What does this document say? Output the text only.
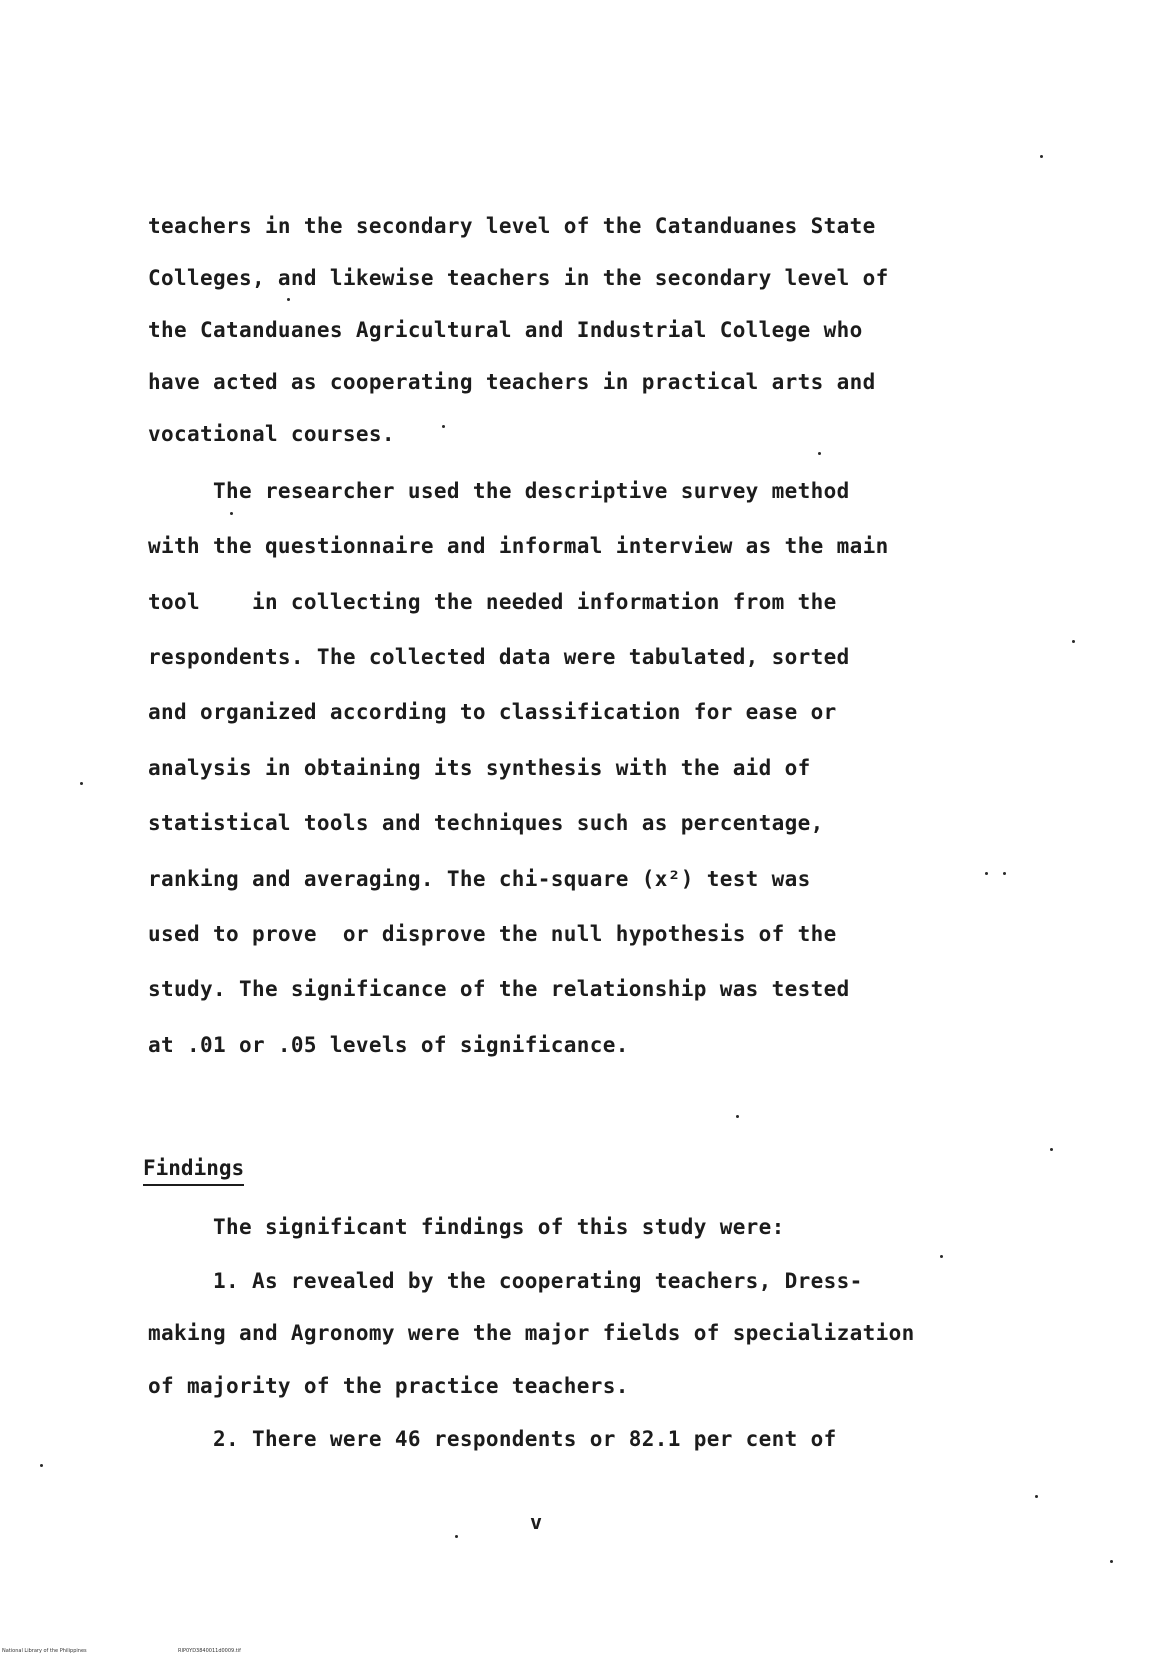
teachers in the secondary level of the Catanduanes State
Colleges, and likewise teachers in the secondary level of
the Catanduanes Agricultural and Industrial College who
have acted as cooperating teachers in practical arts and
vocational courses.
The researcher used the descriptive survey method
with the questionnaire and informal interview as the main
tool    in collecting the needed information from the
respondents. The collected data were tabulated, sorted
and organized according to classification for ease or
analysis in obtaining its synthesis with the aid of
statistical tools and techniques such as percentage,
ranking and averaging. The chi-square (x²) test was
used to prove  or disprove the null hypothesis of the
study. The significance of the relationship was tested
at .01 or .05 levels of significance.
Findings
The significant findings of this study were:
1. As revealed by the cooperating teachers, Dress-
making and Agronomy were the major fields of specialization
of majority of the practice teachers.
2. There were 46 respondents or 82.1 per cent of
v
National Library of the Philippines	RIP0YD3840011d0009.tif
